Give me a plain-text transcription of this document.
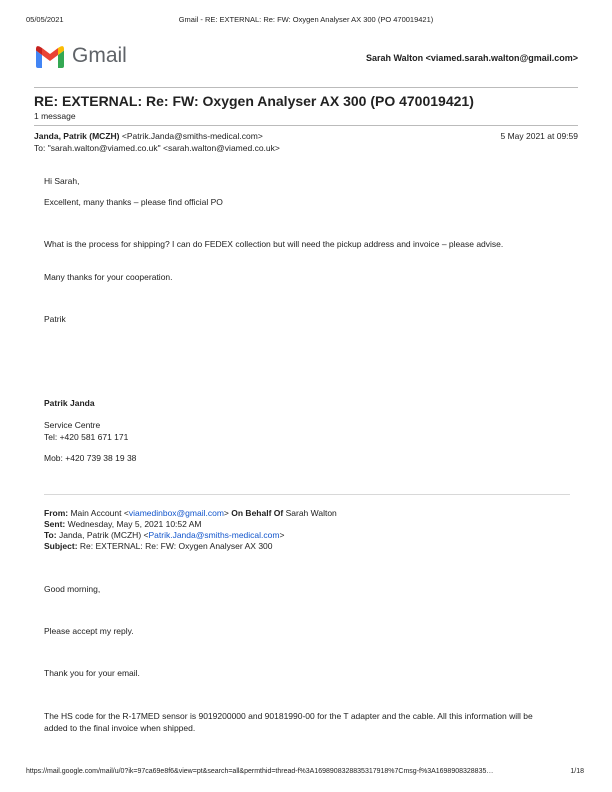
05/05/2021	Gmail - RE: EXTERNAL: Re: FW: Oxygen Analyser AX 300 (PO 470019421)
Gmail	Sarah Walton <viamed.sarah.walton@gmail.com>
RE: EXTERNAL: Re: FW: Oxygen Analyser AX 300 (PO 470019421)
1 message
Janda, Patrik (MCZH) <Patrik.Janda@smiths-medical.com>	5 May 2021 at 09:59
To: "sarah.walton@viamed.co.uk" <sarah.walton@viamed.co.uk>
Hi Sarah,
Excellent, many thanks – please find official PO
What is the process for shipping? I can do FEDEX collection but will need the pickup address and invoice – please advise.
Many thanks for your cooperation.
Patrik
Patrik Janda
Service Centre
Tel: +420 581 671 171
Mob: +420 739 38 19 38
From: Main Account <viamedinbox@gmail.com> On Behalf Of Sarah Walton
Sent: Wednesday, May 5, 2021 10:52 AM
To: Janda, Patrik (MCZH) <Patrik.Janda@smiths-medical.com>
Subject: Re: EXTERNAL: Re: FW: Oxygen Analyser AX 300
Good morning,
Please accept my reply.
Thank you for your email.
The HS code for the R-17MED sensor is 9019200000 and 90181990-00 for the T adapter and the cable. All this information will be added to the final invoice when shipped.
https://mail.google.com/mail/u/0?ik=97ca69e8f6&view=pt&search=all&permthid=thread-f%3A1698908328835317918%7Cmsg-f%3A1698908328835…	1/18
